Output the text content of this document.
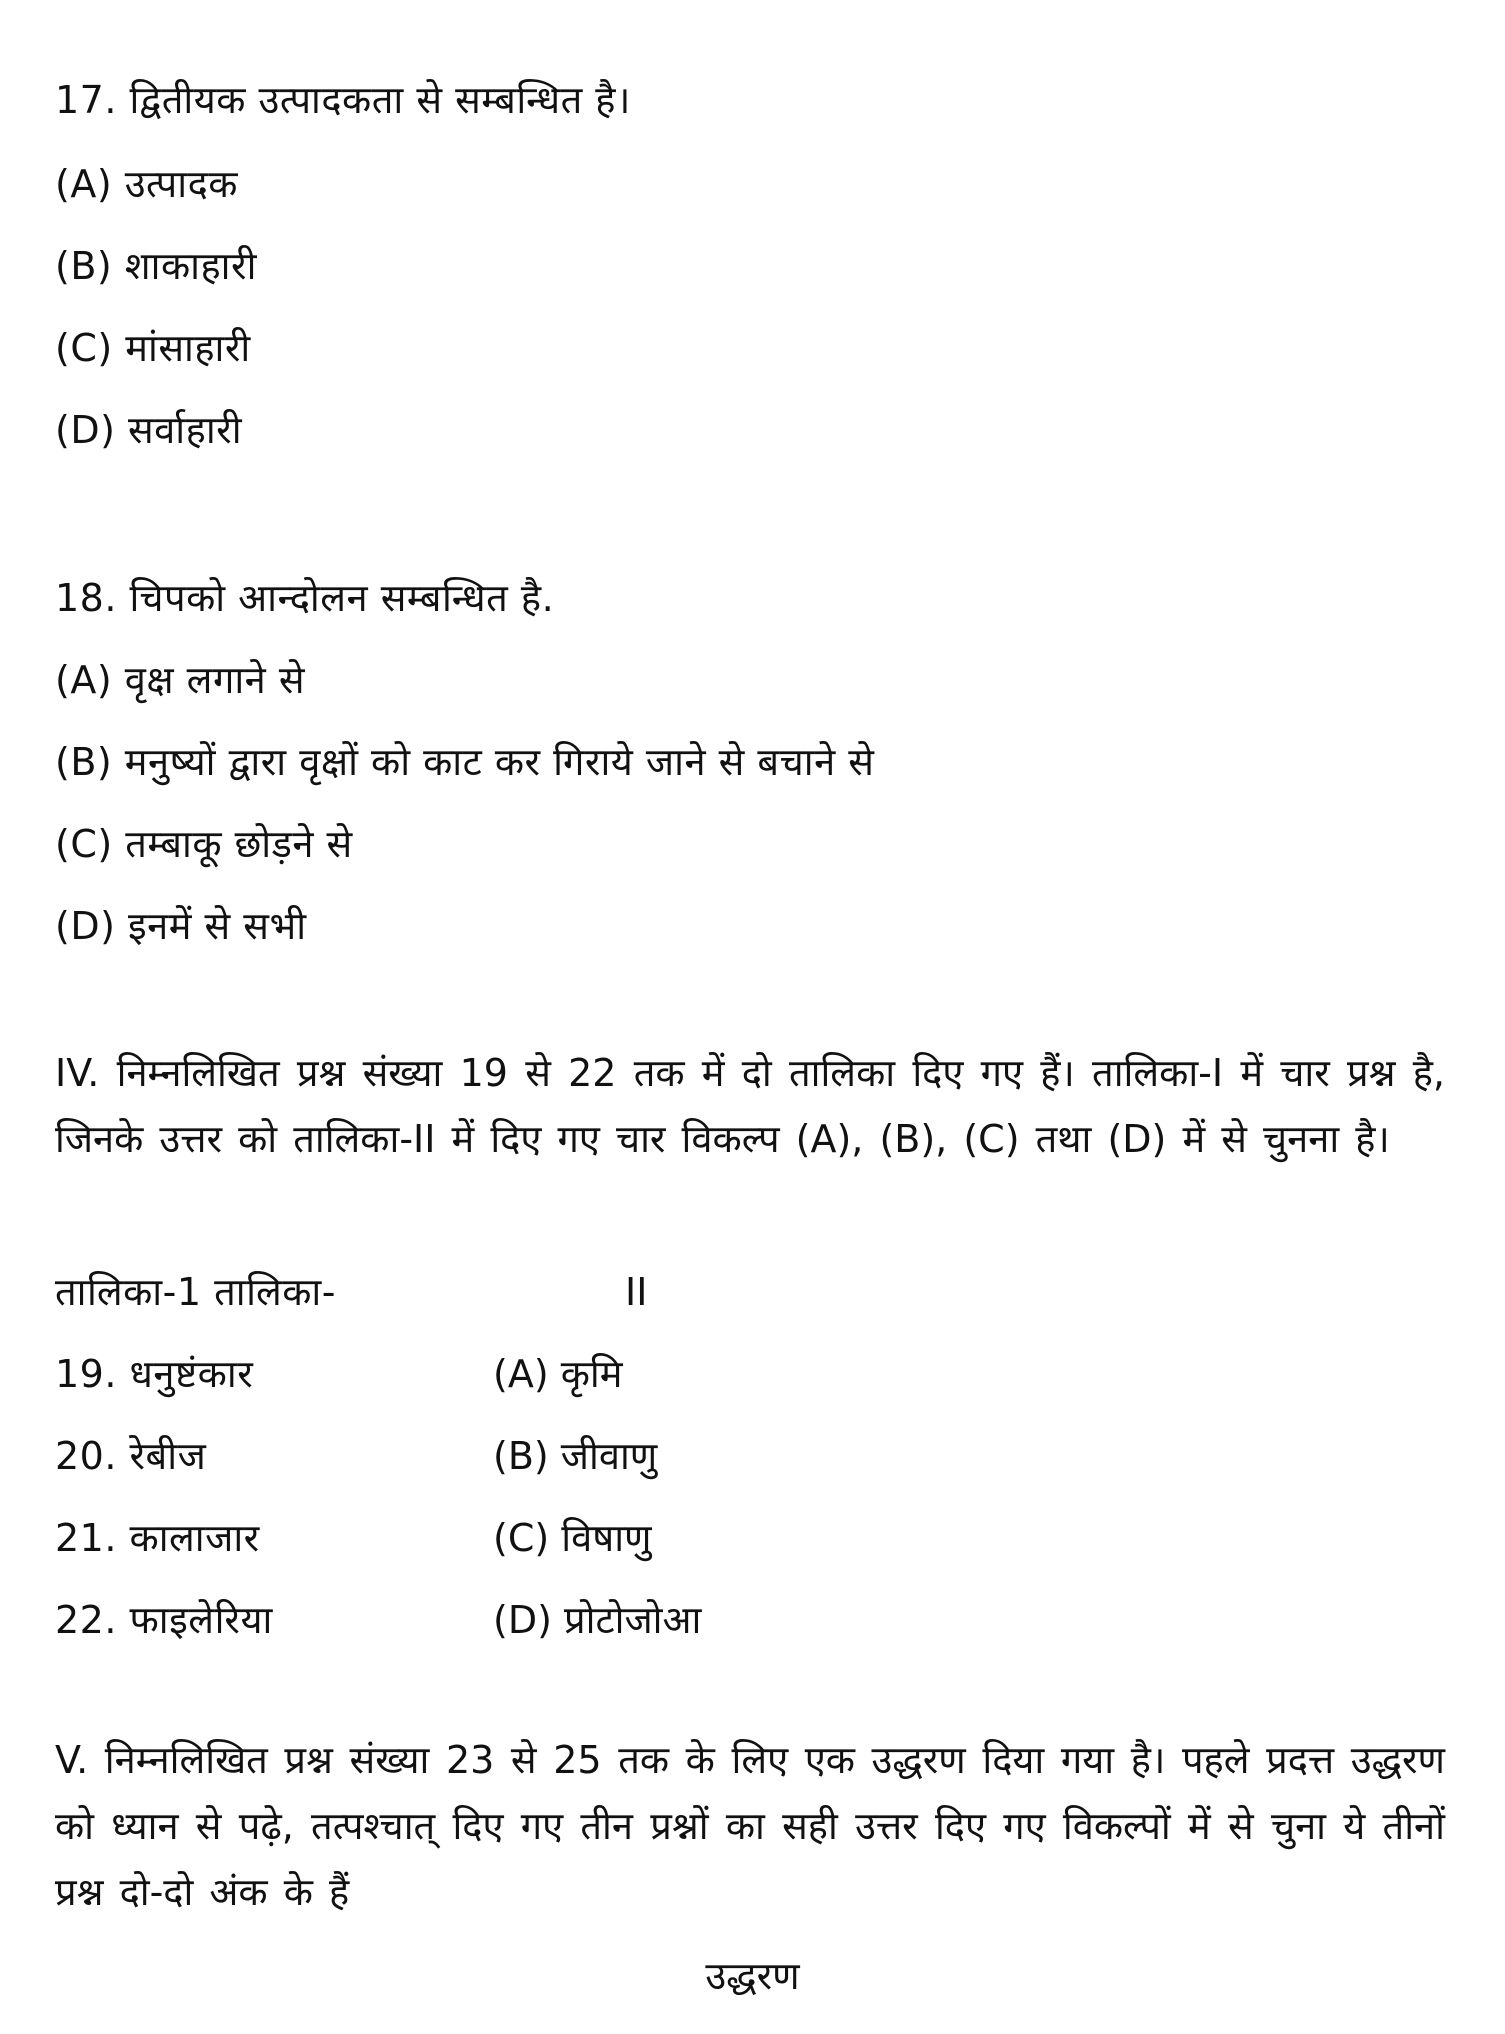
17. द्वितीयक उत्पादकता से सम्बन्धित है।
(A) उत्पादक
(B) शाकाहारी
(C) मांसाहारी
(D) सर्वाहारी
18. चिपको आन्दोलन सम्बन्धित है.
(A) वृक्ष लगाने से
(B) मनुष्यों द्वारा वृक्षों को काट कर गिराये जाने से बचाने से
(C) तम्बाकू छोड़ने से
(D) इनमें से सभी
IV. निम्नलिखित प्रश्न संख्या 19 से 22 तक में दो तालिका दिए गए हैं। तालिका-I में चार प्रश्न है, जिनके उत्तर को तालिका-II में दिए गए चार विकल्प (A), (B), (C) तथा (D) में से चुनना है।
तालिका-1 तालिका-	II
19. धनुष्टंकार	(A) कृमि
20. रेबीज	(B) जीवाणु
21. कालाजार	(C) विषाणु
22. फाइलेरिया	(D) प्रोटोजोआ
V. निम्नलिखित प्रश्न संख्या 23 से 25 तक के लिए एक उद्धरण दिया गया है। पहले प्रदत्त उद्धरण को ध्यान से पढ़े, तत्पश्चात् दिए गए तीन प्रश्नों का सही उत्तर दिए गए विकल्पों में से चुना ये तीनों प्रश्न दो-दो अंक के हैं
उद्धरण
